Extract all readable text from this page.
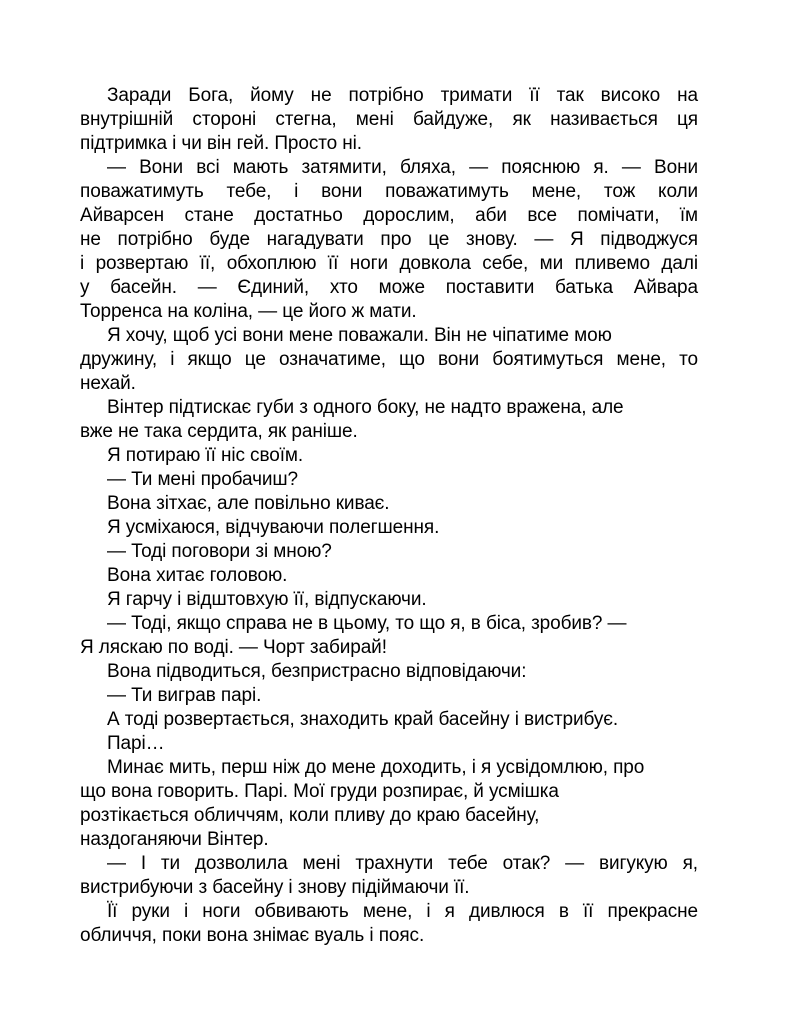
Заради Бога, йому не потрібно тримати її так високо на
внутрішній стороні стегна, мені байдуже, як називається ця
підтримка і чи він гей. Просто ні.
— Вони всі мають затямити, бляха, — пояснюю я. — Вони
поважатимуть тебе, і вони поважатимуть мене, тож коли
Айварсен стане достатньо дорослим, аби все помічати, їм
не потрібно буде нагадувати про це знову. — Я підводжуся
і розвертаю її, обхоплюю її ноги довкола себе, ми пливемо далі
у басейн. — Єдиний, хто може поставити батька Айвара
Торренса на коліна, — це його ж мати.
Я хочу, щоб усі вони мене поважали. Він не чіпатиме мою
дружину, і якщо це означатиме, що вони боятимуться мене, то
нехай.
Вінтер підтискає губи з одного боку, не надто вражена, але
вже не така сердита, як раніше.
Я потираю її ніс своїм.
— Ти мені пробачиш?
Вона зітхає, але повільно киває.
Я усміхаюся, відчуваючи полегшення.
— Тоді поговори зі мною?
Вона хитає головою.
Я гарчу і відштовхую її, відпускаючи.
— Тоді, якщо справа не в цьому, то що я, в біса, зробив? —
Я ляскаю по воді. — Чорт забирай!
Вона підводиться, безпристрасно відповідаючи:
— Ти виграв парі.
А тоді розвертається, знаходить край басейну і вистрибує.
Парі…
Минає мить, перш ніж до мене доходить, і я усвідомлюю, про
що вона говорить. Парі. Мої груди розпирає, й усмішка
розтікається обличчям, коли пливу до краю басейну,
наздоганяючи Вінтер.
— І ти дозволила мені трахнути тебе отак? — вигукую я,
вистрибуючи з басейну і знову підіймаючи її.
Її руки і ноги обвивають мене, і я дивлюся в її прекрасне
обличчя, поки вона знімає вуаль і пояс.
